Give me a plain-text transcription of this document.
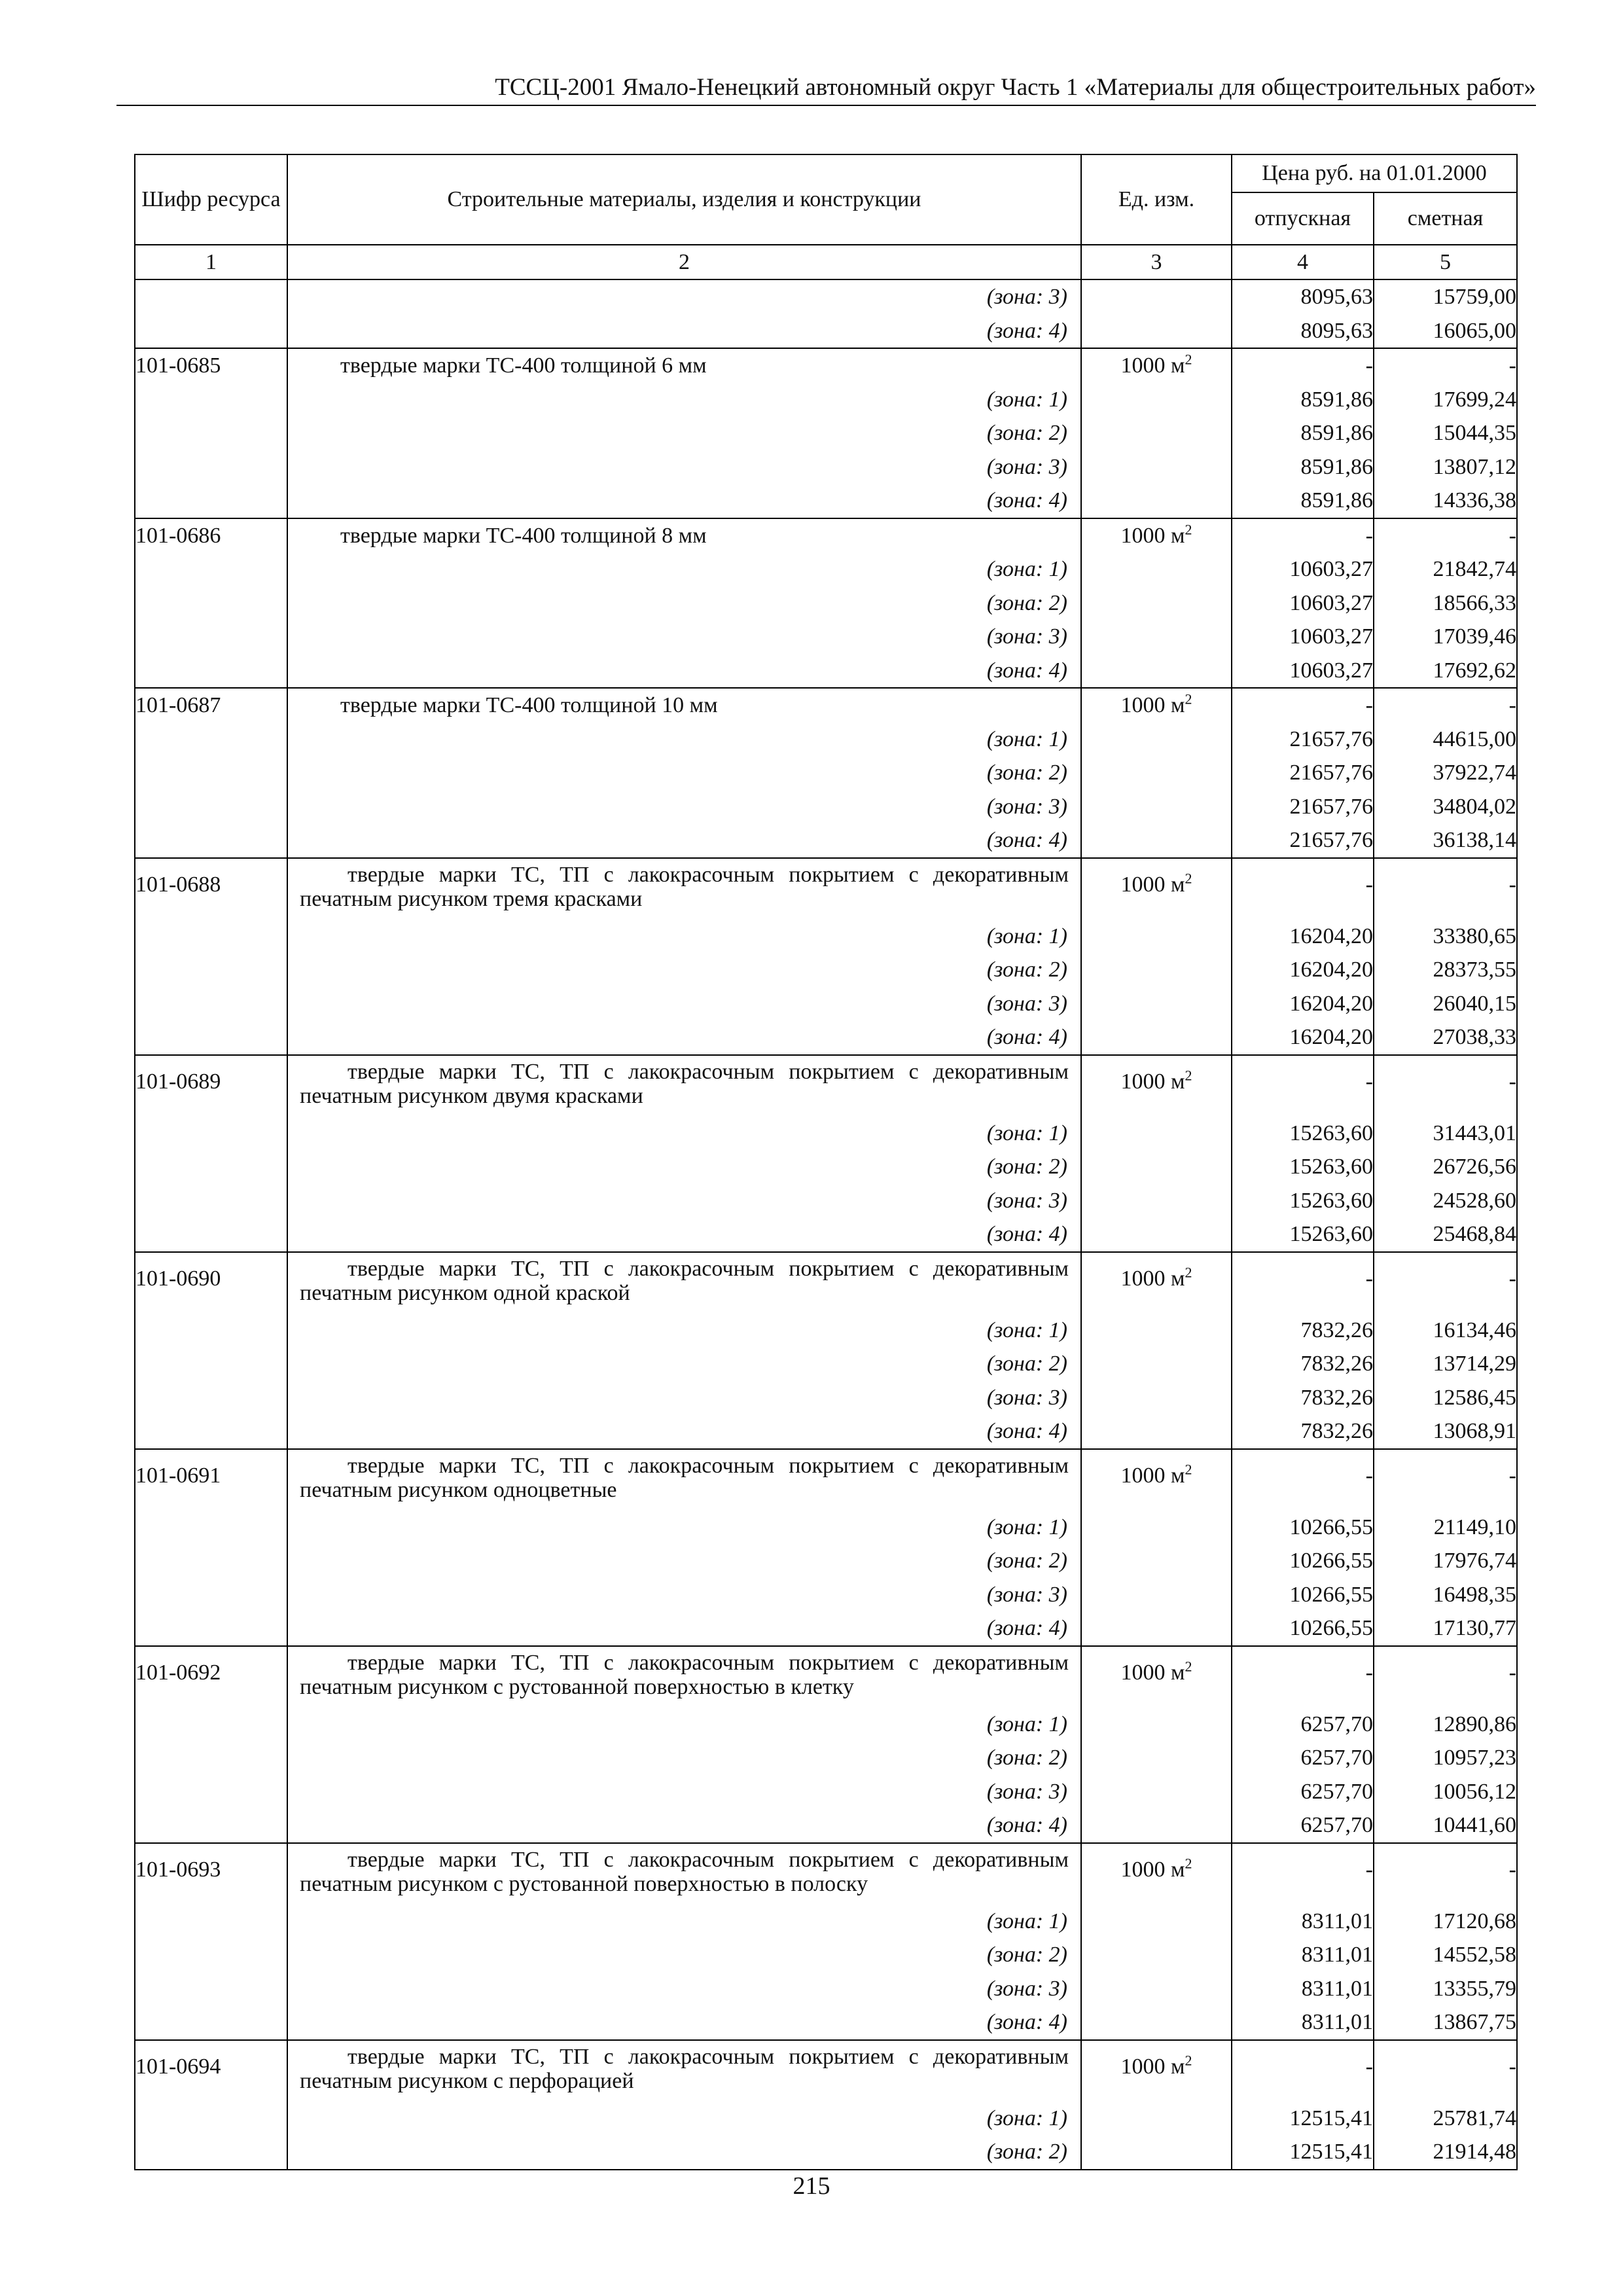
ТССЦ-2001 Ямало-Ненецкий автономный округ Часть 1 «Материалы для общестроительных работ»
Шифр ресурса	Строительные материалы, изделия и конструкции	Ед. изм.	Цена руб. на 01.01.2000	
			отпускная	сметная
1	2	3	4	5
	(зона: 3)		8095,63	15759,00
	(зона: 4)		8095,63	16065,00
101-0685	твердые марки ТС-400 толщиной 6 мм	1000 $м^2$	-	-
	(зона: 1)		8591,86	17699,24
	(зона: 2)		8591,86	15044,35
	(зона: 3)		8591,86	13807,12
	(зона: 4)		8591,86	14336,38
101-0686	твердые марки ТС-400 толщиной 8 мм	1000 $м^2$	-	-
	(зона: 1)		10603,27	21842,74
	(зона: 2)		10603,27	18566,33
	(зона: 3)		10603,27	17039,46
	(зона: 4)		10603,27	17692,62
101-0687	твердые марки ТС-400 толщиной 10 мм	1000 $м^2$	-	-
	(зона: 1)		21657,76	44615,00
	(зона: 2)		21657,76	37922,74
	(зона: 3)		21657,76	34804,02
	(зона: 4)		21657,76	36138,14
101-0688	твердые марки ТС, ТП с лакокрасочным покрытием с декоративным печатным рисунком тремя красками	1000 $м^2$	-	-
	(зона: 1)		16204,20	33380,65
	(зона: 2)		16204,20	28373,55
	(зона: 3)		16204,20	26040,15
	(зона: 4)		16204,20	27038,33
101-0689	твердые марки ТС, ТП с лакокрасочным покрытием с декоративным печатным рисунком двумя красками	1000 $м^2$	-	-
	(зона: 1)		15263,60	31443,01
	(зона: 2)		15263,60	26726,56
	(зона: 3)		15263,60	24528,60
	(зона: 4)		15263,60	25468,84
101-0690	твердые марки ТС, ТП с лакокрасочным покрытием с декоративным печатным рисунком одной краской	1000 $м^2$	-	-
	(зона: 1)		7832,26	16134,46
	(зона: 2)		7832,26	13714,29
	(зона: 3)		7832,26	12586,45
	(зона: 4)		7832,26	13068,91
101-0691	твердые марки ТС, ТП с лакокрасочным покрытием с декоративным печатным рисунком одноцветные	1000 $м^2$	-	-
	(зона: 1)		10266,55	21149,10
	(зона: 2)		10266,55	17976,74
	(зона: 3)		10266,55	16498,35
	(зона: 4)		10266,55	17130,77
101-0692	твердые марки ТС, ТП с лакокрасочным покрытием с декоративным печатным рисунком с рустованной поверхностью в клетку	1000 $м^2$	-	-
	(зона: 1)		6257,70	12890,86
	(зона: 2)		6257,70	10957,23
	(зона: 3)		6257,70	10056,12
	(зона: 4)		6257,70	10441,60
101-0693	твердые марки ТС, ТП с лакокрасочным покрытием с декоративным печатным рисунком с рустованной поверхностью в полоску	1000 $м^2$	-	-
	(зона: 1)		8311,01	17120,68
	(зона: 2)		8311,01	14552,58
	(зона: 3)		8311,01	13355,79
	(зона: 4)		8311,01	13867,75
101-0694	твердые марки ТС, ТП с лакокрасочным покрытием с декоративным печатным рисунком с перфорацией	1000 $м^2$	-	-
	(зона: 1)		12515,41	25781,74
	(зона: 2)		12515,41	21914,48
215
